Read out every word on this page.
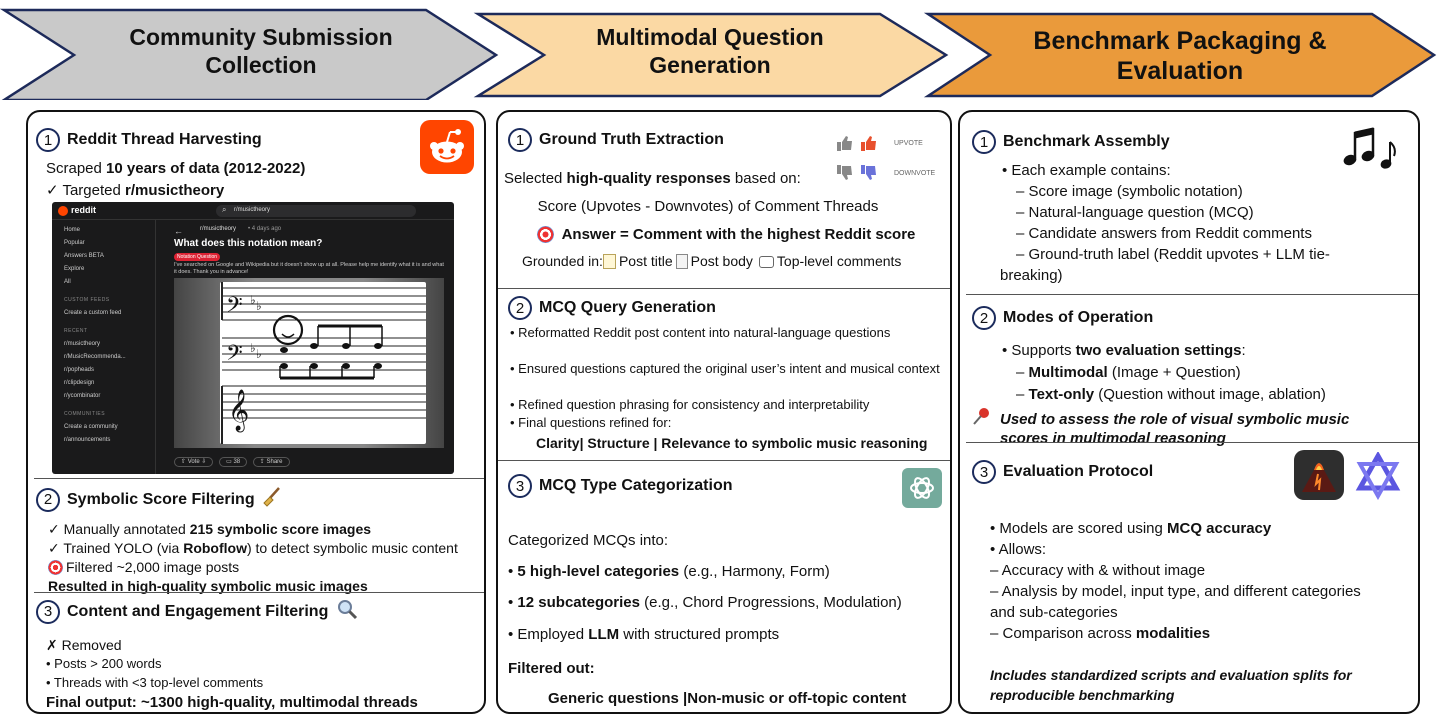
Community Submission
Collection
Multimodal Question
Generation
Benchmark Packaging &
Evaluation
1 Reddit Thread Harvesting
Scraped 10 years of data (2012-2022)
✓ Targeted r/musictheory
reddit	⌕ r/musictheory
Home
Popular
Answers BETA
Explore
All
CUSTOM FEEDS
Create a custom feed
RECENT
r/musictheory
r/MusicRecommenda...
r/popheads
r/clipdesign
r/ycombinator
COMMUNITIES
Create a community
r/announcements
←	r/musictheory • 4 days ago
What does this notation mean?
Notation Question
I've searched on Google and Wikipedia but it doesn't show up at all. Please help me identify what it is and what it does. Thank you in advance!
𝄢
𝄢
𝄞
♭ ♭
♭ ♭
⇧ Vote ⇩	▭ 38	⇪ Share
2 Symbolic Score Filtering
✓ Manually annotated 215 symbolic score images
✓ Trained YOLO (via Roboflow) to detect symbolic music content
Filtered ~2,000 image posts
Resulted in high-quality symbolic music images
3 Content and Engagement Filtering
✗ Removed
• Posts > 200 words
• Threads with <3 top-level comments
Final output: ~1300 high-quality, multimodal threads
1 Ground Truth Extraction	UPVOTE
DOWNVOTE
Selected high-quality responses based on:
Score (Upvotes - Downvotes) of Comment Threads
Answer = Comment with the highest Reddit score
Grounded in: Post title Post body Top-level comments
2 MCQ Query Generation
• Reformatted Reddit post content into natural-language questions
• Ensured questions captured the original user’s intent and musical context
• Refined question phrasing for consistency and interpretability
• Final questions refined for:
Clarity| Structure | Relevance to symbolic music reasoning
3 MCQ Type Categorization
Categorized MCQs into:
• 5 high-level categories (e.g., Harmony, Form)
• 12 subcategories (e.g., Chord Progressions, Modulation)
• Employed LLM with structured prompts
Filtered out:
Generic questions |Non-music or off-topic content
1 Benchmark Assembly
• Each example contains:
– Score image (symbolic notation)
– Natural-language question (MCQ)
– Candidate answers from Reddit comments
– Ground-truth label (Reddit upvotes + LLM tie-
breaking)
2 Modes of Operation
• Supports two evaluation settings:
– Multimodal (Image + Question)
– Text-only (Question without image, ablation)
Used to assess the role of visual symbolic music
scores in multimodal reasoning
3 Evaluation Protocol
• Models are scored using MCQ accuracy
• Allows:
– Accuracy with & without image
– Analysis by model, input type, and different categories
and sub-categories
– Comparison across modalities
Includes standardized scripts and evaluation splits for
reproducible benchmarking
